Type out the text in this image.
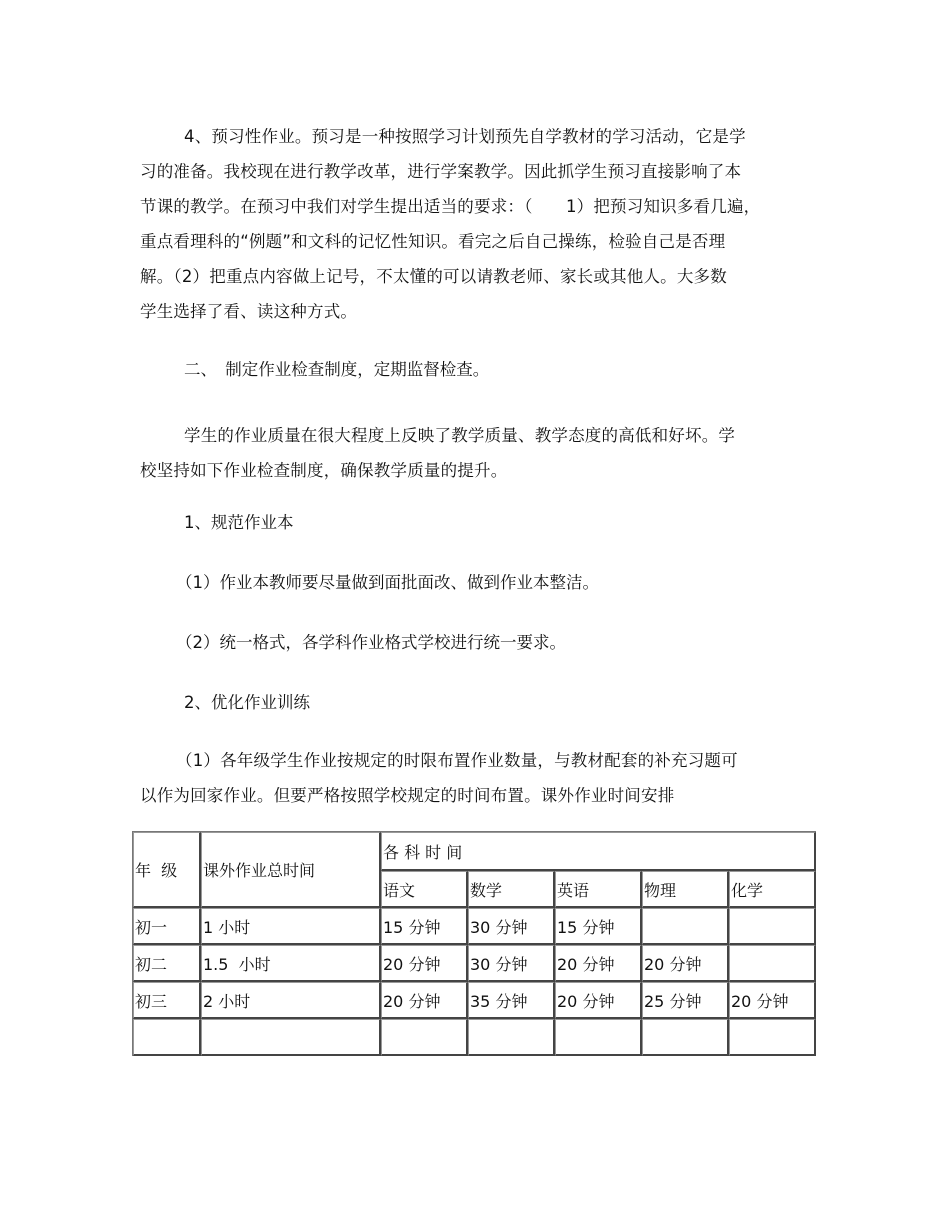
4、预习性作业。预习是一种按照学习计划预先自学教材的学习活动，它是学
习的准备。我校现在进行教学改革，进行学案教学。因此抓学生预习直接影响了本
节课的教学。在预习中我们对学生提出适当的要求：（　　1）把预习知识多看几遍，
重点看理科的“例题”和文科的记忆性知识。看完之后自己操练，检验自己是否理
解。（2）把重点内容做上记号，不太懂的可以请教老师、家长或其他人。大多数
学生选择了看、读这种方式。

二、　制定作业检查制度，定期监督检查。

学生的作业质量在很大程度上反映了教学质量、教学态度的高低和好坏。学
校坚持如下作业检查制度，确保教学质量的提升。

1、规范作业本

（1）作业本教师要尽量做到面批面改、做到作业本整洁。

（2）统一格式，各学科作业格式学校进行统一要求。

2、优化作业训练

（1）各年级学生作业按规定的时限布置作业数量，与教材配套的补充习题可
以作为回家作业。但要严格按照学校规定的时间布置。课外作业时间安排

年  级	课外作业总时间	各 科 时 间				
		语文	数学	英语	物理	化学
初一	1 小时	15 分钟	30 分钟	15 分钟		
初二	1.5  小时	20 分钟	30 分钟	20 分钟	20 分钟	
初三	2 小时	20 分钟	35 分钟	20 分钟	25 分钟	20 分钟
